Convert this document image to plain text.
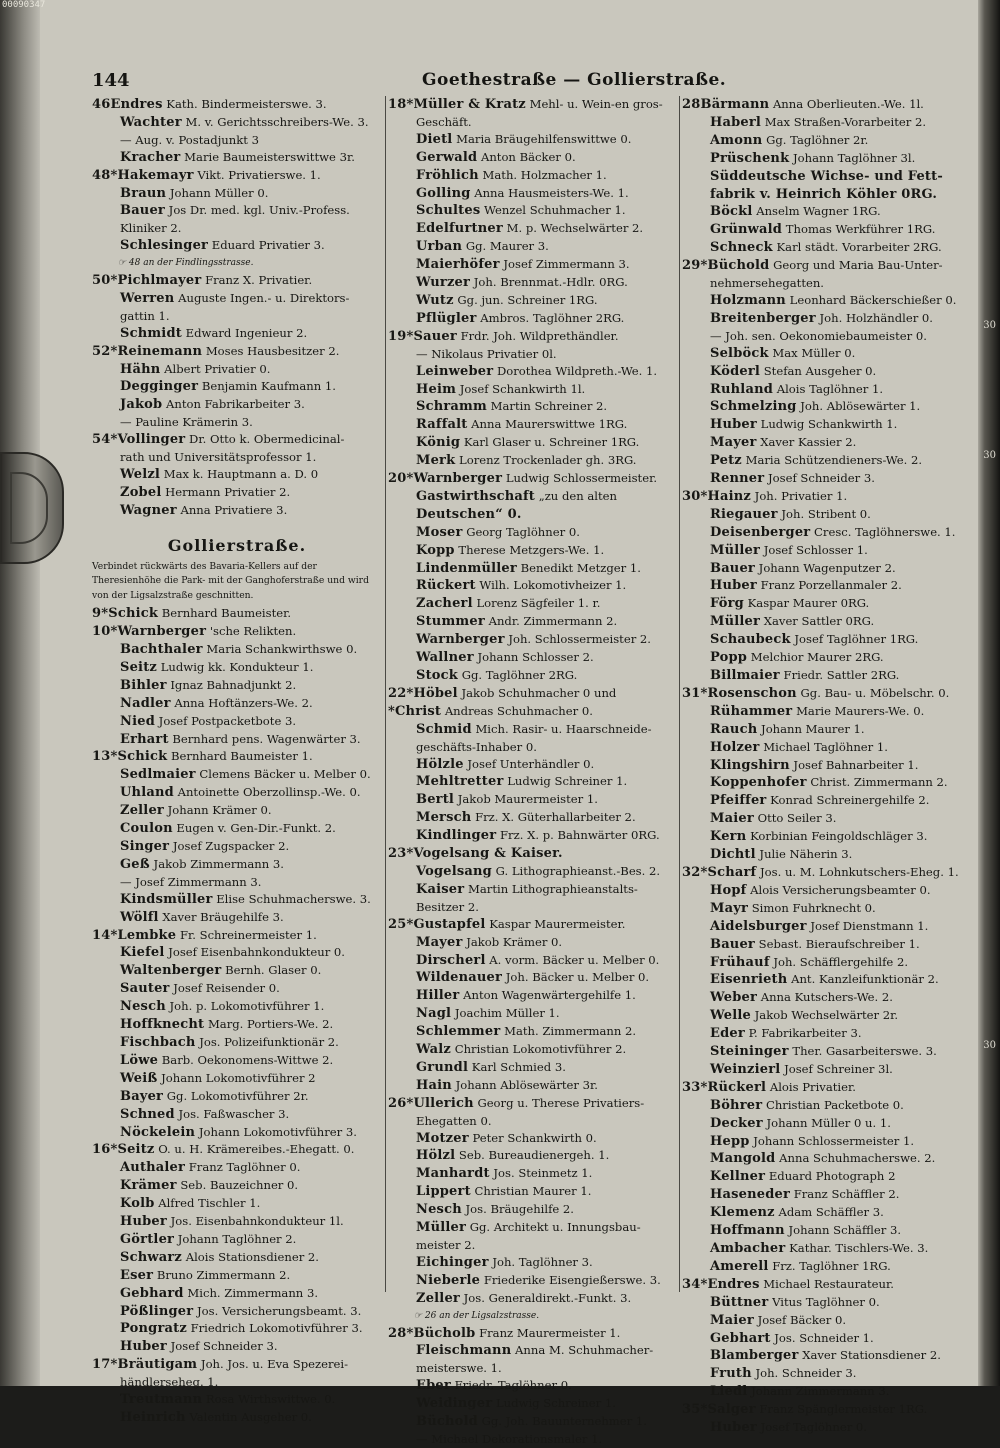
00090347
144	Goethestraße — Gollierstraße.
46Endres Kath. Bindermeisterswe. 3.
Wachter M. v. Gerichtsschreibers-We. 3.
— Aug. v. Postadjunkt 3
Kracher Marie Baumeisterswittwe 3r.
48*Hakemayr Vikt. Privatierswe. 1.
Braun Johann Müller 0.
Bauer Jos Dr. med. kgl. Univ.-Profess.
Kliniker 2.
Schlesinger Eduard Privatier 3.
☞ 48 an der Findlingsstrasse.
50*Pichlmayer Franz X. Privatier.
Werren Auguste Ingen.- u. Direktors-
gattin 1.
Schmidt Edward Ingenieur 2.
52*Reinemann Moses Hausbesitzer 2.
Hähn Albert Privatier 0.
Degginger Benjamin Kaufmann 1.
Jakob Anton Fabrikarbeiter 3.
— Pauline Krämerin 3.
54*Vollinger Dr. Otto k. Obermedicinal-
rath und Universitätsprofessor 1.
Welzl Max k. Hauptmann a. D. 0
Zobel Hermann Privatier 2.
Wagner Anna Privatiere 3.
Gollierstraße.
Verbindet rückwärts des Bavaria-Kellers auf der Theresienhöhe die Park- mit der Ganghoferstraße und wird von der Ligsalzstraße geschnitten.
9*Schick Bernhard Baumeister.
10*Warnberger 'sche Relikten.
Bachthaler Maria Schankwirthswe 0.
Seitz Ludwig kk. Kondukteur 1.
Bihler Ignaz Bahnadjunkt 2.
Nadler Anna Hoftänzers-We. 2.
Nied Josef Postpacketbote 3.
Erhart Bernhard pens. Wagenwärter 3.
13*Schick Bernhard Baumeister 1.
Sedlmaier Clemens Bäcker u. Melber 0.
Uhland Antoinette Oberzollinsp.-We. 0.
Zeller Johann Krämer 0.
Coulon Eugen v. Gen-Dir.-Funkt. 2.
Singer Josef Zugspacker 2.
Geß Jakob Zimmermann 3.
— Josef Zimmermann 3.
Kindsmüller Elise Schuhmacherswe. 3.
Wölfl Xaver Bräugehilfe 3.
14*Lembke Fr. Schreinermeister 1.
Kiefel Josef Eisenbahnkondukteur 0.
Waltenberger Bernh. Glaser 0.
Sauter Josef Reisender 0.
Nesch Joh. p. Lokomotivführer 1.
Hoffknecht Marg. Portiers-We. 2.
Fischbach Jos. Polizeifunktionär 2.
Löwe Barb. Oekonomens-Wittwe 2.
Weiß Johann Lokomotivführer 2
Bayer Gg. Lokomotivführer 2r.
Schned Jos. Faßwascher 3.
Nöckelein Johann Lokomotivführer 3.
16*Seitz O. u. H. Krämereibes.-Ehegatt. 0.
Authaler Franz Taglöhner 0.
Krämer Seb. Bauzeichner 0.
Kolb Alfred Tischler 1.
Huber Jos. Eisenbahnkondukteur 1l.
Görtler Johann Taglöhner 2.
Schwarz Alois Stationsdiener 2.
Eser Bruno Zimmermann 2.
Gebhard Mich. Zimmermann 3.
Pößlinger Jos. Versicherungsbeamt. 3.
Pongratz Friedrich Lokomotivführer 3.
Huber Josef Schneider 3.
17*Bräutigam Joh. Jos. u. Eva Spezerei-
händlerseheg. 1.
Treutmann Rosa Wirthswittwe. 0.
Heinrich Valentin Ausgeher 0.
18*Müller & Kratz Mehl- u. Wein-en gros-
Geschäft.
Dietl Maria Bräugehilfenswittwe 0.
Gerwald Anton Bäcker 0.
Fröhlich Math. Holzmacher 1.
Golling Anna Hausmeisters-We. 1.
Schultes Wenzel Schuhmacher 1.
Edelfurtner M. p. Wechselwärter 2.
Urban Gg. Maurer 3.
Maierhöfer Josef Zimmermann 3.
Wurzer Joh. Brennmat.-Hdlr. 0RG.
Wutz Gg. jun. Schreiner 1RG.
Pflügler Ambros. Taglöhner 2RG.
19*Sauer Frdr. Joh. Wildprethändler.
— Nikolaus Privatier 0l.
Leinweber Dorothea Wildpreth.-We. 1.
Heim Josef Schankwirth 1l.
Schramm Martin Schreiner 2.
Raffalt Anna Maurerswittwe 1RG.
König Karl Glaser u. Schreiner 1RG.
Merk Lorenz Trockenlader gh. 3RG.
20*Warnberger Ludwig Schlossermeister.
Gastwirthschaft „zu den alten
Deutschen“ 0.
Moser Georg Taglöhner 0.
Kopp Therese Metzgers-We. 1.
Lindenmüller Benedikt Metzger 1.
Rückert Wilh. Lokomotivheizer 1.
Zacherl Lorenz Sägfeiler 1. r.
Stummer Andr. Zimmermann 2.
Warnberger Joh. Schlossermeister 2.
Wallner Johann Schlosser 2.
Stock Gg. Taglöhner 2RG.
22*Höbel Jakob Schuhmacher 0 und
*Christ Andreas Schuhmacher 0.
Schmid Mich. Rasir- u. Haarschneide-
geschäfts-Inhaber 0.
Hölzle Josef Unterhändler 0.
Mehltretter Ludwig Schreiner 1.
Bertl Jakob Maurermeister 1.
Mersch Frz. X. Güterhallarbeiter 2.
Kindlinger Frz. X. p. Bahnwärter 0RG.
23*Vogelsang & Kaiser.
Vogelsang G. Lithographieanst.-Bes. 2.
Kaiser Martin Lithographieanstalts-
Besitzer 2.
25*Gustapfel Kaspar Maurermeister.
Mayer Jakob Krämer 0.
Dirscherl A. vorm. Bäcker u. Melber 0.
Wildenauer Joh. Bäcker u. Melber 0.
Hiller Anton Wagenwärtergehilfe 1.
Nagl Joachim Müller 1.
Schlemmer Math. Zimmermann 2.
Walz Christian Lokomotivführer 2.
Grundl Karl Schmied 3.
Hain Johann Ablösewärter 3r.
26*Ullerich Georg u. Therese Privatiers-
Ehegatten 0.
Motzer Peter Schankwirth 0.
Hölzl Seb. Bureaudienergeh. 1.
Manhardt Jos. Steinmetz 1.
Lippert Christian Maurer 1.
Nesch Jos. Bräugehilfe 2.
Müller Gg. Architekt u. Innungsbau-
meister 2.
Eichinger Joh. Taglöhner 3.
Nieberle Friederike Eisengießerswe. 3.
Zeller Jos. Generaldirekt.-Funkt. 3.
☞ 26 an der Ligsalzstrasse.
28*Bücholb Franz Maurermeister 1.
Fleischmann Anna M. Schuhmacher-
meisterswe. 1.
Eber Friedr. Taglöhner 0.
Weidinger Ludwig Schreiner 1.
Büchold Gg. Joh. Bauunternehmer 1.
— Michael Dekorationsmaler 1.
28Bärmann Anna Oberlieuten.-We. 1l.
Haberl Max Straßen-Vorarbeiter 2.
Amonn Gg. Taglöhner 2r.
Prüschenk Johann Taglöhner 3l.
Süddeutsche Wichse- und Fett-
fabrik v. Heinrich Köhler 0RG.
Böckl Anselm Wagner 1RG.
Grünwald Thomas Werkführer 1RG.
Schneck Karl städt. Vorarbeiter 2RG.
29*Büchold Georg und Maria Bau-Unter-
nehmersehegatten.
Holzmann Leonhard Bäckerschießer 0.
Breitenberger Joh. Holzhändler 0.
— Joh. sen. Oekonomiebaumeister 0.
Selböck Max Müller 0.
Köderl Stefan Ausgeher 0.
Ruhland Alois Taglöhner 1.
Schmelzing Joh. Ablösewärter 1.
Huber Ludwig Schankwirth 1.
Mayer Xaver Kassier 2.
Petz Maria Schützendieners-We. 2.
Renner Josef Schneider 3.
30*Hainz Joh. Privatier 1.
Riegauer Joh. Stribent 0.
Deisenberger Cresc. Taglöhnerswe. 1.
Müller Josef Schlosser 1.
Bauer Johann Wagenputzer 2.
Huber Franz Porzellanmaler 2.
Förg Kaspar Maurer 0RG.
Müller Xaver Sattler 0RG.
Schaubeck Josef Taglöhner 1RG.
Popp Melchior Maurer 2RG.
Billmaier Friedr. Sattler 2RG.
31*Rosenschon Gg. Bau- u. Möbelschr. 0.
Rühammer Marie Maurers-We. 0.
Rauch Johann Maurer 1.
Holzer Michael Taglöhner 1.
Klingshirn Josef Bahnarbeiter 1.
Koppenhofer Christ. Zimmermann 2.
Pfeiffer Konrad Schreinergehilfe 2.
Maier Otto Seiler 3.
Kern Korbinian Feingoldschläger 3.
Dichtl Julie Näherin 3.
32*Scharf Jos. u. M. Lohnkutschers-Eheg. 1.
Hopf Alois Versicherungsbeamter 0.
Mayr Simon Fuhrknecht 0.
Aidelsburger Josef Dienstmann 1.
Bauer Sebast. Bieraufschreiber 1.
Frühauf Joh. Schäfflergehilfe 2.
Eisenrieth Ant. Kanzleifunktionär 2.
Weber Anna Kutschers-We. 2.
Welle Jakob Wechselwärter 2r.
Eder P. Fabrikarbeiter 3.
Steininger Ther. Gasarbeiterswe. 3.
Weinzierl Josef Schreiner 3l.
33*Rückerl Alois Privatier.
Böhrer Christian Packetbote 0.
Decker Johann Müller 0 u. 1.
Hepp Johann Schlossermeister 1.
Mangold Anna Schuhmacherswe. 2.
Kellner Eduard Photograph 2
Haseneder Franz Schäffler 2.
Klemenz Adam Schäffler 3.
Hoffmann Johann Schäffler 3.
Ambacher Kathar. Tischlers-We. 3.
Amerell Frz. Taglöhner 1RG.
34*Endres Michael Restaurateur.
Büttner Vitus Taglöhner 0.
Maier Josef Bäcker 0.
Gebhart Jos. Schneider 1.
Blamberger Xaver Stationsdiener 2.
Fruth Joh. Schneider 3.
Liedl Johann Zimmermann 3.
35*Salger Franz Spänglermeister 1RG.
Huber Josef Taglöhner 0.
30
30
30
